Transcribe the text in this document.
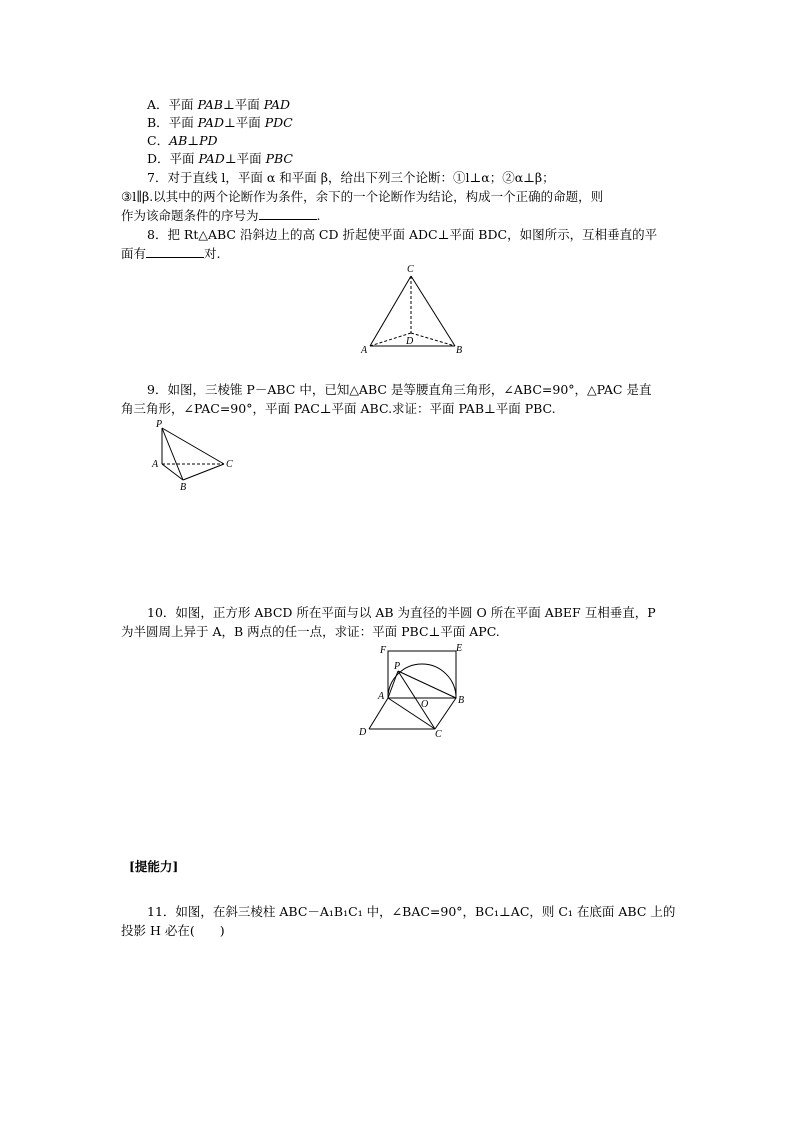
A．平面 PAB⊥平面 PAD
B．平面 PAD⊥平面 PDC
C．AB⊥PD
D．平面 PAD⊥平面 PBC
7．对于直线 l，平面 α 和平面 β，给出下列三个论断：①l⊥α；②α⊥β；
③l∥β.以其中的两个论断作为条件，余下的一个论断作为结论，构成一个正确的命题，则
作为该命题条件的序号为	.
8．把 Rt△ABC 沿斜边上的高 CD 折起使平面 ADC⊥平面 BDC，如图所示，互相垂直的平
面有	对.
C
A
D
B
9．如图，三棱锥 P－ABC 中，已知△ABC 是等腰直角三角形，∠ABC=90°，△PAC 是直
角三角形，∠PAC=90°，平面 PAC⊥平面 ABC.求证：平面 PAB⊥平面 PBC.
P
A	C
B
10．如图，正方形 ABCD 所在平面与以 AB 为直径的半圆 O 所在平面 ABEF 互相垂直，P
为半圆周上异于 A，B 两点的任一点，求证：平面 PBC⊥平面 APC.
F	E
P
A
O	B
D	C
[提能力]
11．如图，在斜三棱柱 ABC－A₁B₁C₁ 中，∠BAC=90°，BC₁⊥AC，则 C₁ 在底面 ABC 上的
投影 H 必在(　　)
